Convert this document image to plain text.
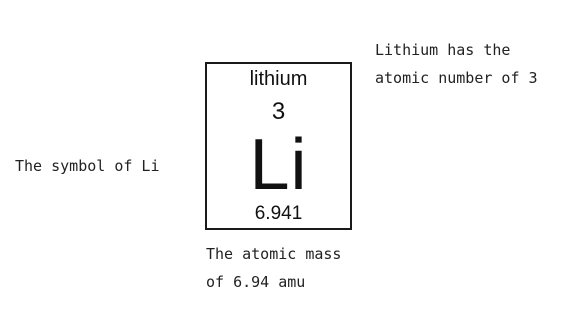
Lithium has the
atomic number of 3
The symbol of Li
lithium
3
Li
6.941
The atomic mass
of 6.94 amu
